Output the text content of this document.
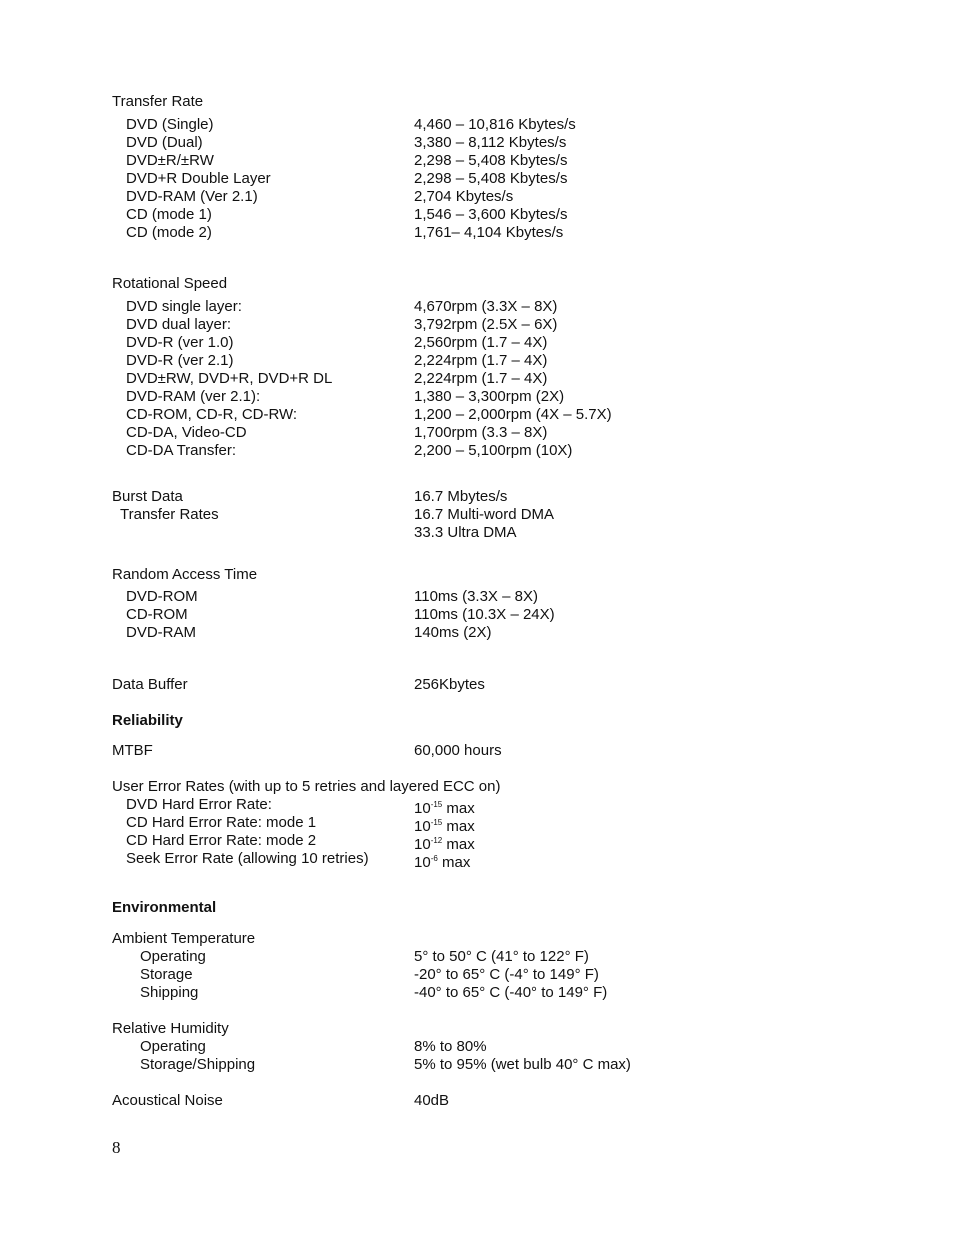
Transfer Rate
DVD (Single)	4,460 – 10,816 Kbytes/s
DVD (Dual)	3,380 – 8,112 Kbytes/s
DVD±R/±RW	2,298 – 5,408 Kbytes/s
DVD+R Double Layer	2,298 – 5,408 Kbytes/s
DVD-RAM (Ver 2.1)	2,704 Kbytes/s
CD (mode 1)	1,546 – 3,600 Kbytes/s
CD (mode 2)	1,761– 4,104 Kbytes/s
Rotational Speed
DVD single layer:	4,670rpm (3.3X – 8X)
DVD dual layer:	3,792rpm (2.5X – 6X)
DVD-R (ver 1.0)	2,560rpm (1.7 – 4X)
DVD-R (ver 2.1)	2,224rpm (1.7 – 4X)
DVD±RW, DVD+R, DVD+R DL	2,224rpm (1.7 – 4X)
DVD-RAM (ver 2.1):	1,380 – 3,300rpm (2X)
CD-ROM, CD-R, CD-RW:	1,200 – 2,000rpm (4X – 5.7X)
CD-DA, Video-CD	1,700rpm (3.3 – 8X)
CD-DA Transfer:	2,200 – 5,100rpm (10X)
Burst Data	16.7 Mbytes/s
Transfer Rates	16.7 Multi-word DMA
33.3 Ultra DMA
Random Access Time
DVD-ROM	110ms (3.3X – 8X)
CD-ROM	110ms (10.3X – 24X)
DVD-RAM	140ms (2X)
Data Buffer	256Kbytes
Reliability
MTBF	60,000 hours
User Error Rates (with up to 5 retries and layered ECC on)
DVD Hard Error Rate:	$10^{-15}$ max
CD Hard Error Rate: mode 1	$10^{-15}$ max
CD Hard Error Rate: mode 2	$10^{-12}$ max
Seek Error Rate (allowing 10 retries)	$10^{-6}$ max
Environmental
Ambient Temperature
Operating	5° to 50° C (41° to 122° F)
Storage	-20° to 65° C (-4° to 149° F)
Shipping	-40° to 65° C (-40° to 149° F)
Relative Humidity
Operating	8% to 80%
Storage/Shipping	5% to 95% (wet bulb 40° C max)
Acoustical Noise	40dB
8
